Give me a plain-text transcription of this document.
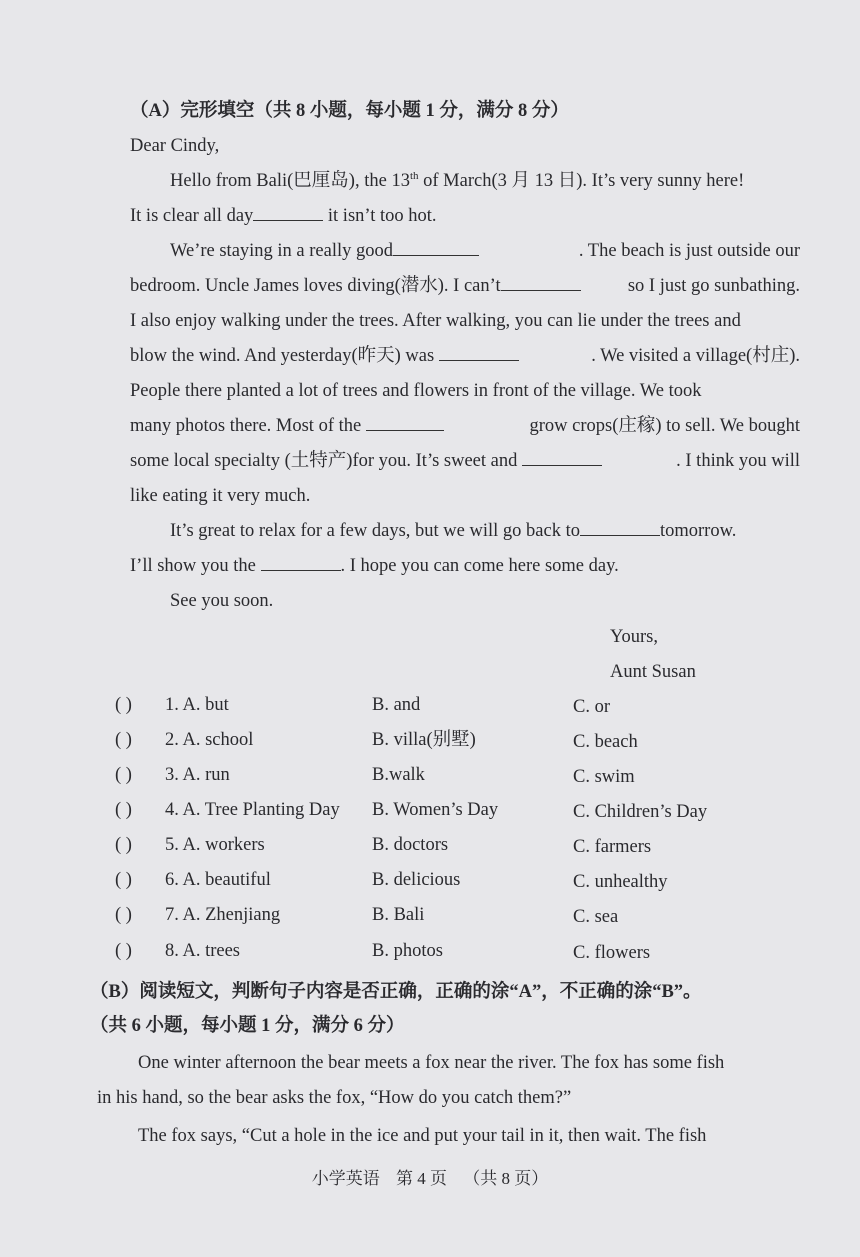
（A）完形填空（共 8 小题，每小题 1 分，满分 8 分）
Dear Cindy,
Hello from Bali(巴厘岛), the 13th of March(3 月 13 日). It’s very sunny here!
It is clear all day	it isn’t too hot.
We’re staying in a really good	. The beach is just outside our
bedroom. Uncle James loves diving(潜水). I can’t	so I just go sunbathing.
I also enjoy walking under the trees. After walking, you can lie under the trees and
blow the wind. And yesterday(昨天) was	. We visited a village(村庄).
People there planted a lot of trees and flowers in front of the village. We took
many photos there. Most of the	grow crops(庄稼) to sell. We bought
some local specialty (土特产)for you. It’s sweet and	. I think you will
like eating it very much.
It’s great to relax for a few days, but we will go back to	tomorrow.
I’ll show you the	. I hope you can come here some day.
See you soon.
Yours,
Aunt Susan
( ) 1. A. but	B. and	C. or
( ) 2. A. school	B. villa(别墅)	C. beach
( ) 3. A. run	B.walk	C. swim
( ) 4. A. Tree Planting Day B. Women’s Day	C. Children’s Day
( ) 5. A. workers	B. doctors	C. farmers
( ) 6. A. beautiful	B. delicious	C. unhealthy
( ) 7. A. Zhenjiang	B. Bali	C. sea
( ) 8. A. trees	B. photos	C. flowers
（B）阅读短文，判断句子内容是否正确，正确的涂“A”，不正确的涂“B”。
（共 6 小题，每小题 1 分，满分 6 分）
One winter afternoon the bear meets a fox near the river. The fox has some fish
in his hand, so the bear asks the fox, “How do you catch them?”
The fox says, “Cut a hole in the ice and put your tail in it, then wait. The fish
小学英语 第 4 页 （共 8 页）
